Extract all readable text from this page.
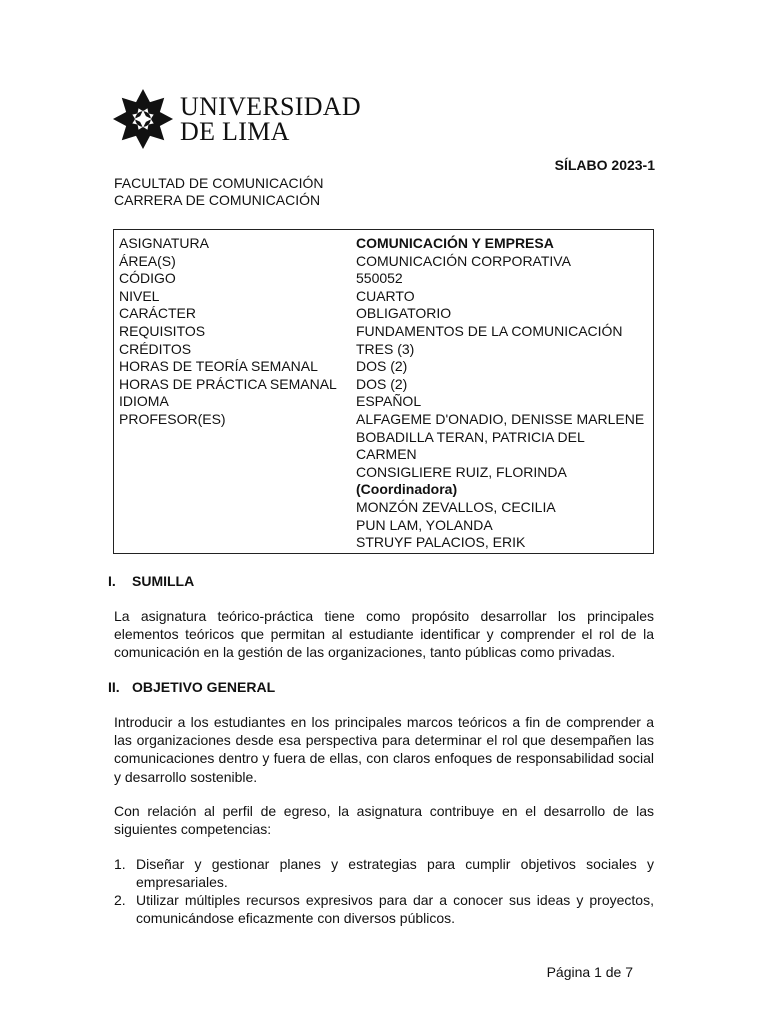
UNIVERSIDAD
DE LIMA
SÍLABO 2023-1
FACULTAD DE COMUNICACIÓN
CARRERA DE COMUNICACIÓN
ASIGNATURA	COMUNICACIÓN Y EMPRESA
ÁREA(S)	COMUNICACIÓN CORPORATIVA
CÓDIGO	550052
NIVEL	CUARTO
CARÁCTER	OBLIGATORIO
REQUISITOS	FUNDAMENTOS DE LA COMUNICACIÓN
CRÉDITOS	TRES (3)
HORAS DE TEORÍA SEMANAL	DOS (2)
HORAS DE PRÁCTICA SEMANAL DOS (2)
IDIOMA	ESPAÑOL
PROFESOR(ES)	ALFAGEME D'ONADIO, DENISSE MARLENE
BOBADILLA TERAN, PATRICIA DEL
CARMEN
CONSIGLIERE RUIZ, FLORINDA
(Coordinadora)
MONZÓN ZEVALLOS, CECILIA
PUN LAM, YOLANDA
STRUYF PALACIOS, ERIK
I. SUMILLA
La asignatura teórico-práctica tiene como propósito desarrollar los principales elementos teóricos que permitan al estudiante identificar y comprender el rol de la comunicación en la gestión de las organizaciones, tanto públicas como privadas.
II. OBJETIVO GENERAL
Introducir a los estudiantes en los principales marcos teóricos a fin de comprender a las organizaciones desde esa perspectiva para determinar el rol que desempañen las comunicaciones dentro y fuera de ellas, con claros enfoques de responsabilidad social y desarrollo sostenible.
Con relación al perfil de egreso, la asignatura contribuye en el desarrollo de las siguientes competencias:
1. Diseñar y gestionar planes y estrategias para cumplir objetivos sociales y empresariales.
2. Utilizar múltiples recursos expresivos para dar a conocer sus ideas y proyectos, comunicándose eficazmente con diversos públicos.
Página 1 de 7
